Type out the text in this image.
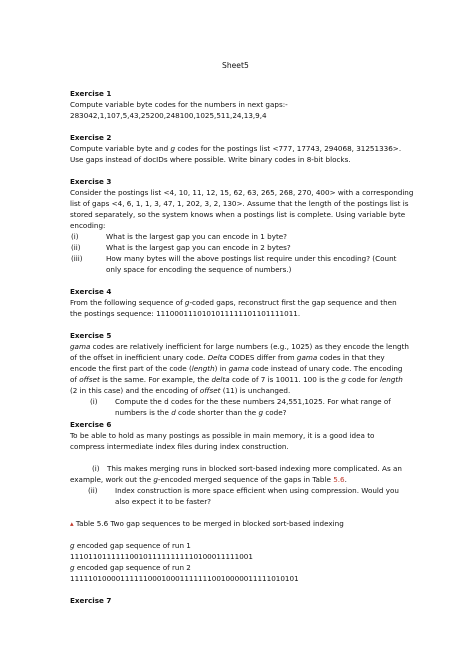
Sheet5
Exercise 1
Compute variable byte codes for the numbers in next gaps:-
283042,1,107,5,43,25200,248100,1025,511,24,13,9,4
Exercise 2
Compute variable byte and g codes for the postings list <777, 17743, 294068, 31251336>.
Use gaps instead of docIDs where possible. Write binary codes in 8-bit blocks.
Exercise 3
Consider the postings list <4, 10, 11, 12, 15, 62, 63, 265, 268, 270, 400> with a corresponding
list of gaps <4, 6, 1, 1, 3, 47, 1, 202, 3, 2, 130>. Assume that the length of the postings list is
stored separately, so the system knows when a postings list is complete. Using variable byte
encoding:
(i)	What is the largest gap you can encode in 1 byte?
(ii)	What is the largest gap you can encode in 2 bytes?
(iii)	How many bytes will the above postings list require under this encoding? (Count
only space for encoding the sequence of numbers.)
Exercise 4
From the following sequence of g-coded gaps, reconstruct first the gap sequence and then
the postings sequence: 1110001110101011111101101111011.
Exercise 5
gama codes are relatively inefficient for large numbers (e.g., 1025) as they encode the length
of the offset in inefficient unary code. Delta CODES differ from gama codes in that they
encode the first part of the code (length) in gama code instead of unary code. The encoding
of offset is the same. For example, the delta code of 7 is 10011. 100 is the g code for length
(2 in this case) and the encoding of offset (11) is unchanged.
(i) Compute the d codes for the these numbers 24,551,1025. For what range of
numbers is the d code shorter than the g code?
Exercise 6
To be able to hold as many postings as possible in main memory, it is a good idea to
compress intermediate index files during index construction.
(i) This makes merging runs in blocked sort-based indexing more complicated. As an
example, work out the g-encoded merged sequence of the gaps in Table 5.6.
(ii) Index construction is more space efficient when using compression. Would you
also expect it to be faster?
▴ Table 5.6 Two gap sequences to be merged in blocked sort-based indexing
g encoded gap sequence of run 1
1110110111111001011111111110100011111001
g encoded gap sequence of run 2
11111010000111111000100011111110010000011111010101
Exercise 7
